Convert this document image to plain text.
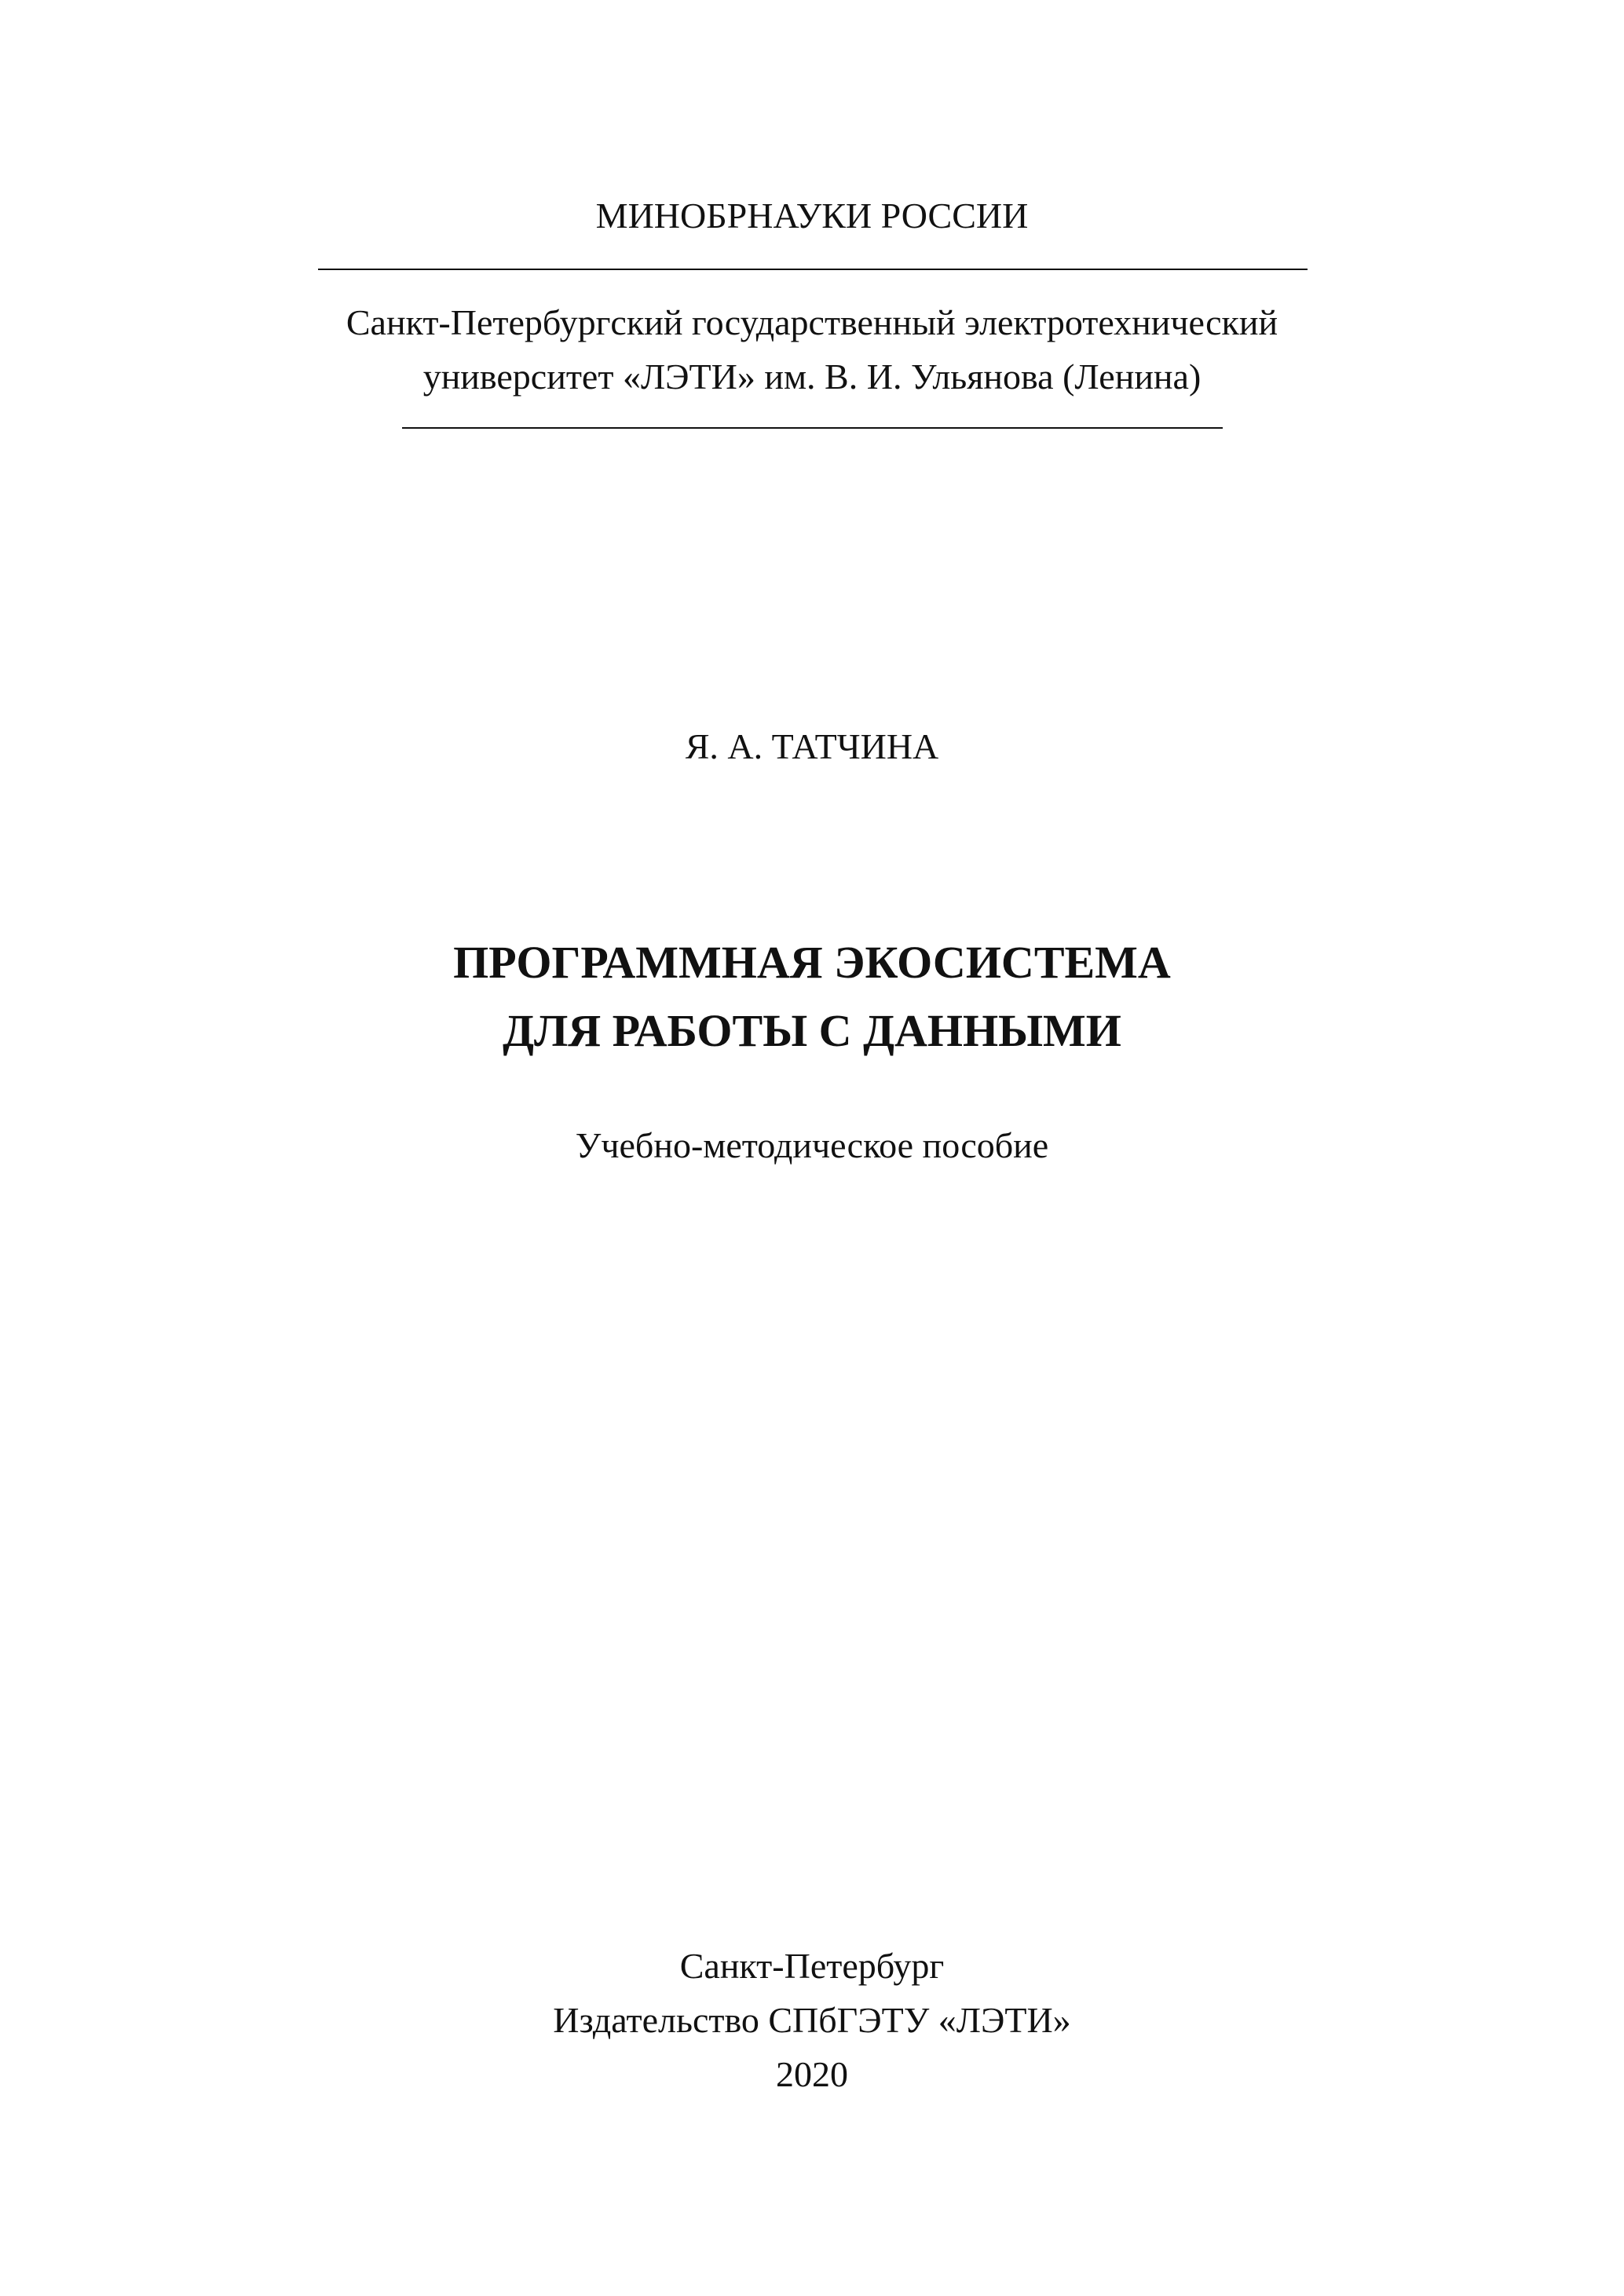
МИНОБРНАУКИ РОССИИ
Санкт-Петербургский государственный электротехнический
университет «ЛЭТИ» им. В. И. Ульянова (Ленина)
Я. А. ТАТЧИНА
ПРОГРАММНАЯ ЭКОСИСТЕМА
ДЛЯ РАБОТЫ С ДАННЫМИ
Учебно-методическое пособие
Санкт-Петербург
Издательство СПбГЭТУ «ЛЭТИ»
2020
